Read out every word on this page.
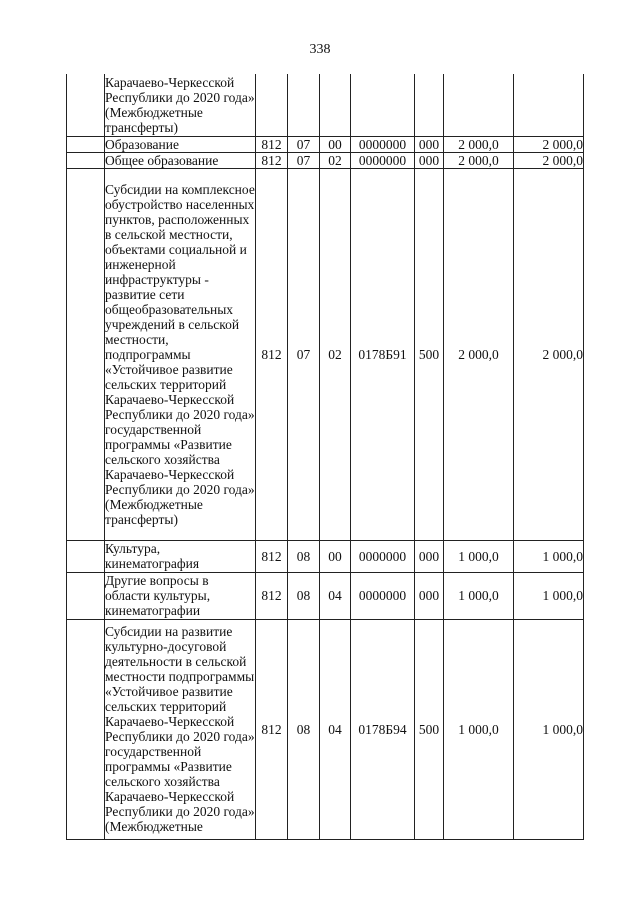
338
	Карачаево-Черкесской Республики до 2020 года» (Межбюджетные трансферты)							
	Образование	812	07	00	0000000	000	2 000,0	2 000,0
	Общее образование	812	07	02	0000000	000	2 000,0	2 000,0
	Субсидии на комплексное обустройство населенных пунктов, расположенных в сельской местности, объектами социальной и инженерной инфраструктуры - развитие сети общеобразовательных учреждений в сельской местности, подпрограммы «Устойчивое развитие сельских территорий Карачаево-Черкесской Республики до 2020 года» государственной программы «Развитие сельского хозяйства Карачаево-Черкесской Республики до 2020 года» (Межбюджетные трансферты)	812	07	02	0178Б91	500	2 000,0	2 000,0
	Культура, кинематография	812	08	00	0000000	000	1 000,0	1 000,0
	Другие вопросы в области культуры, кинематографии	812	08	04	0000000	000	1 000,0	1 000,0
	Субсидии на развитие культурно-досуговой деятельности в сельской местности подпрограммы «Устойчивое развитие сельских территорий Карачаево-Черкесской Республики до 2020 года» государственной программы «Развитие сельского хозяйства Карачаево-Черкесской Республики до 2020 года» (Межбюджетные	812	08	04	0178Б94	500	1 000,0	1 000,0
